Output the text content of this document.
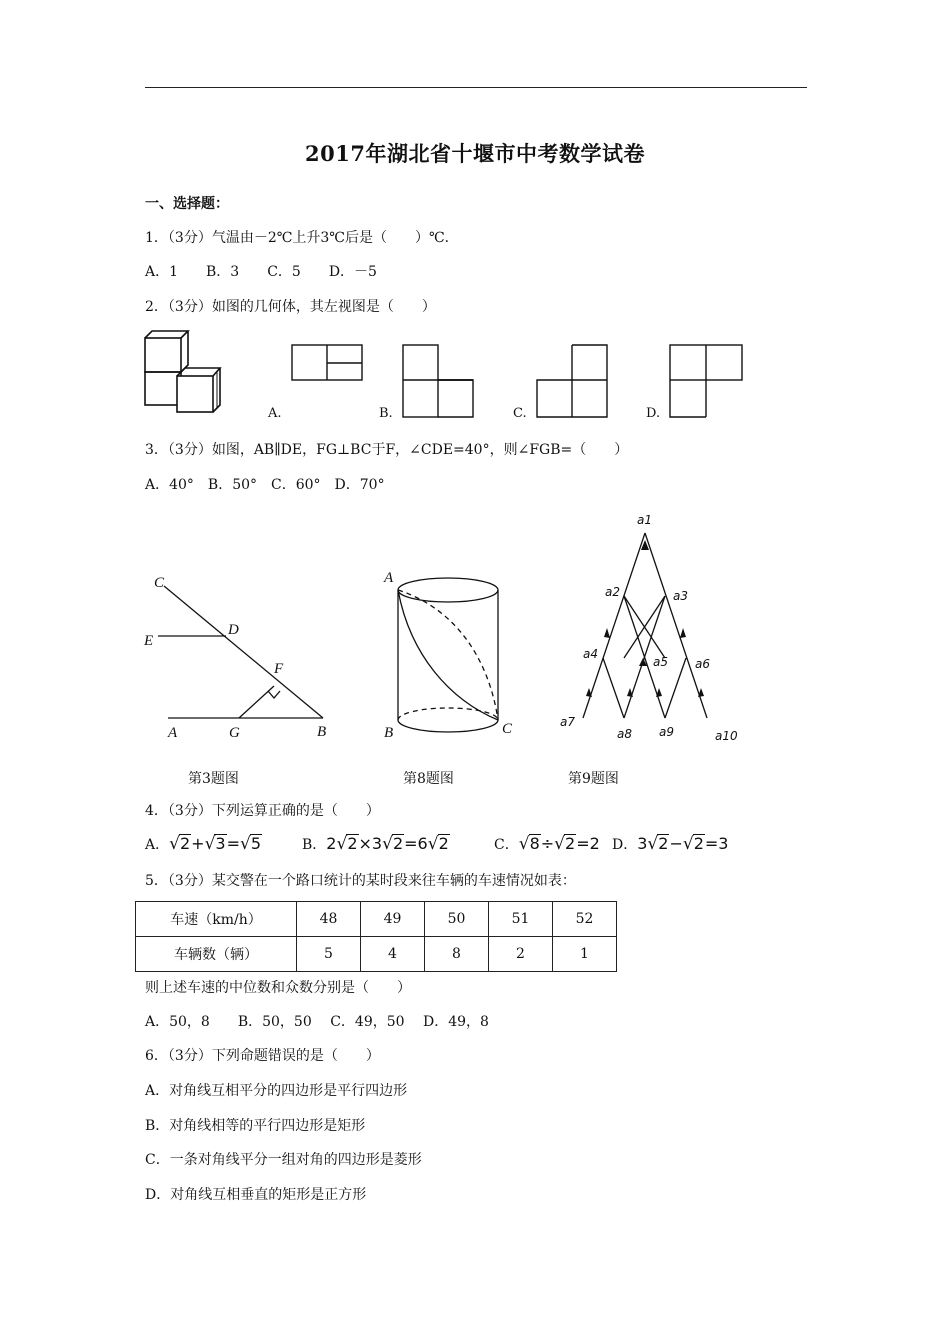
2017年湖北省十堰市中考数学试卷
一、选择题：
1．（3分）气温由－2℃上升3℃后是（　　）℃．
A．1　　B．3　　C．5　　D．－5
2．（3分）如图的几何体，其左视图是（　　）
A.	B.	C.	D.
3．（3分）如图，AB∥DE，FG⊥BC于F，∠CDE=40°，则∠FGB=（　　）
A．40°　B．50°　C．60°　D．70°
C
D
E
F
A	G	B
第3题图
A
B	C
第8题图
a1
a2	a3
a4
a5 a6
a7
a8 a9	a10
第9题图
4．（3分）下列运算正确的是（　　）
A．√2+√3=√5	B．2√2×3√2=6√2	C．√8÷√2=2 D．3√2−√2=3
5．（3分）某交警在一个路口统计的某时段来往车辆的车速情况如表：
车速（km/h）	48	49	50	51	52
车辆数（辆）	5	4	8	2	1
则上述车速的中位数和众数分别是（　　）
A．50，8　　B．50，50　 C．49，50　 D．49，8
6．（3分）下列命题错误的是（　　）
A．对角线互相平分的四边形是平行四边形
B．对角线相等的平行四边形是矩形
C．一条对角线平分一组对角的四边形是菱形
D．对角线互相垂直的矩形是正方形
